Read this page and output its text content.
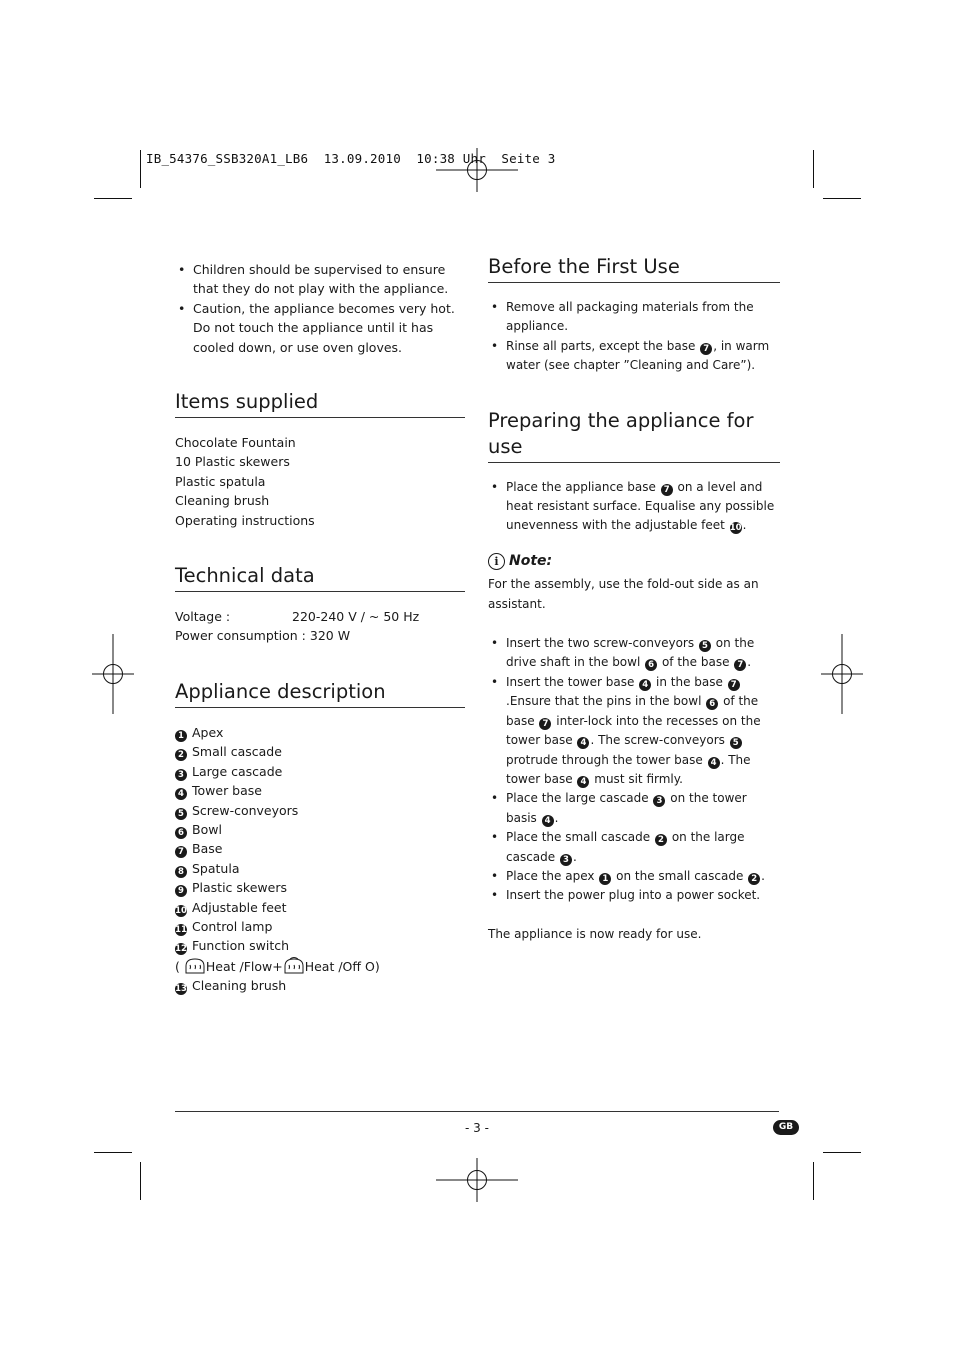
IB_54376_SSB320A1_LB6  13.09.2010  10:38 Uhr  Seite 3
• Children should be supervised to ensure that they do not play with the appliance.
• Caution, the appliance becomes very hot. Do not touch the appliance until it has cooled down, or use oven gloves.
Items supplied
Chocolate Fountain
10 Plastic skewers
Plastic spatula
Cleaning brush
Operating instructions
Technical data
Voltage :	220-240 V / ~ 50 Hz
Power consumption : 320 W
Appliance description
1 Apex
2 Small cascade
3 Large cascade
4 Tower base
5 Screw-conveyors
6 Bowl
7 Base
8 Spatula
9 Plastic skewers
10 Adjustable feet
11 Control lamp
12 Function switch
( Heat /Flow+ Heat /Off O)
13 Cleaning brush
Before the First Use
• Remove all packaging materials from the appliance.
• Rinse all parts, except the base 7 , in warm water (see chapter ”Cleaning and Care”).
Preparing the appliance for use
• Place the appliance base 7 on a level and heat resistant surface. Equalise any possible unevenness with the adjustable feet 10.
i Note:
For the assembly, use the fold-out side as an assistant.
• Insert the two screw-conveyors 5 on the drive shaft in the bowl 6 of the base 7 .
• Insert the tower base 4 in the base 7.Ensure that the pins in the bowl 6 of the base 7 inter-lock into the recesses on the tower base 4 . The screw-conveyors 5 protrude through the tower base 4 . The tower base 4 must sit firmly.
• Place the large cascade 3 on the tower basis 4 .
• Place the small cascade 2 on the large cascade 3 .
• Place the apex 1 on the small cascade 2 .
• Insert the power plug into a power socket.

The appliance is now ready for use.

- 3 -	GB
